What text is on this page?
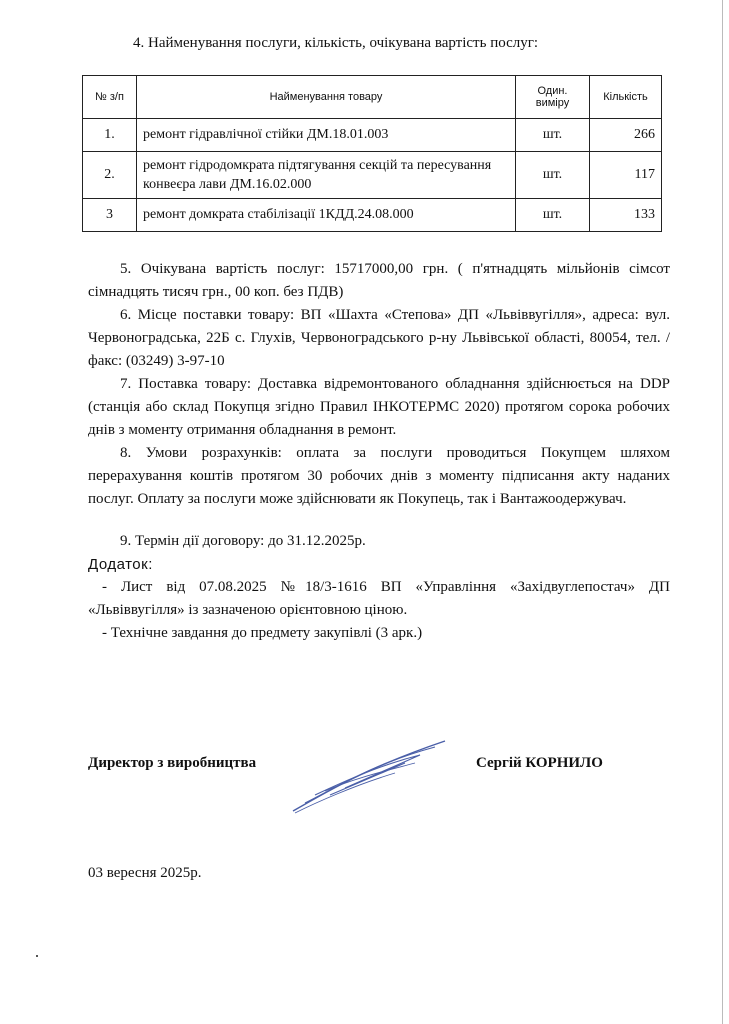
4. Найменування послуги, кількість, очікувана вартість послуг:
№ з/п	Найменування товару	Один. виміру	Кількість
1.	ремонт гідравлічної стійки ДМ.18.01.003	шт.	266
2.	ремонт гідродомкрата підтягування секцій та пересування конвеєра лави ДМ.16.02.000	шт.	117
3	ремонт домкрата стабілізації 1КДД.24.08.000	шт.	133
5. Очікувана вартість послуг: 15717000,00 грн. ( п'ятнадцять мільйонів сімсот сімнадцять тисяч грн., 00 коп. без ПДВ)
6. Місце поставки товару: ВП «Шахта «Степова» ДП «Львіввугілля», адреса: вул. Червоноградська, 22Б с. Глухів, Червоноградського р-ну Львівської області, 80054, тел. /факс: (03249) 3-97-10
7. Поставка товару: Доставка відремонтованого обладнання здійснюється на DDP (станція або склад Покупця згідно Правил ІНКОТЕРМС 2020) протягом сорока робочих днів з моменту отримання обладнання в ремонт.
8. Умови розрахунків: оплата за послуги проводиться Покупцем шляхом перерахування коштів протягом 30 робочих днів з моменту підписання акту наданих послуг. Оплату за послуги може здійснювати як Покупець, так і Вантажоодержувач.
9. Термін дії договору: до 31.12.2025р.
Додаток:
- Лист від 07.08.2025 №18/3-1616 ВП «Управління «Західвуглепостач» ДП «Львіввугілля» із зазначеною орієнтовною ціною.
- Технічне завдання до предмету закупівлі (3 арк.)
Директор з виробництва	Сергій КОРНИЛО
03 вересня 2025р.
